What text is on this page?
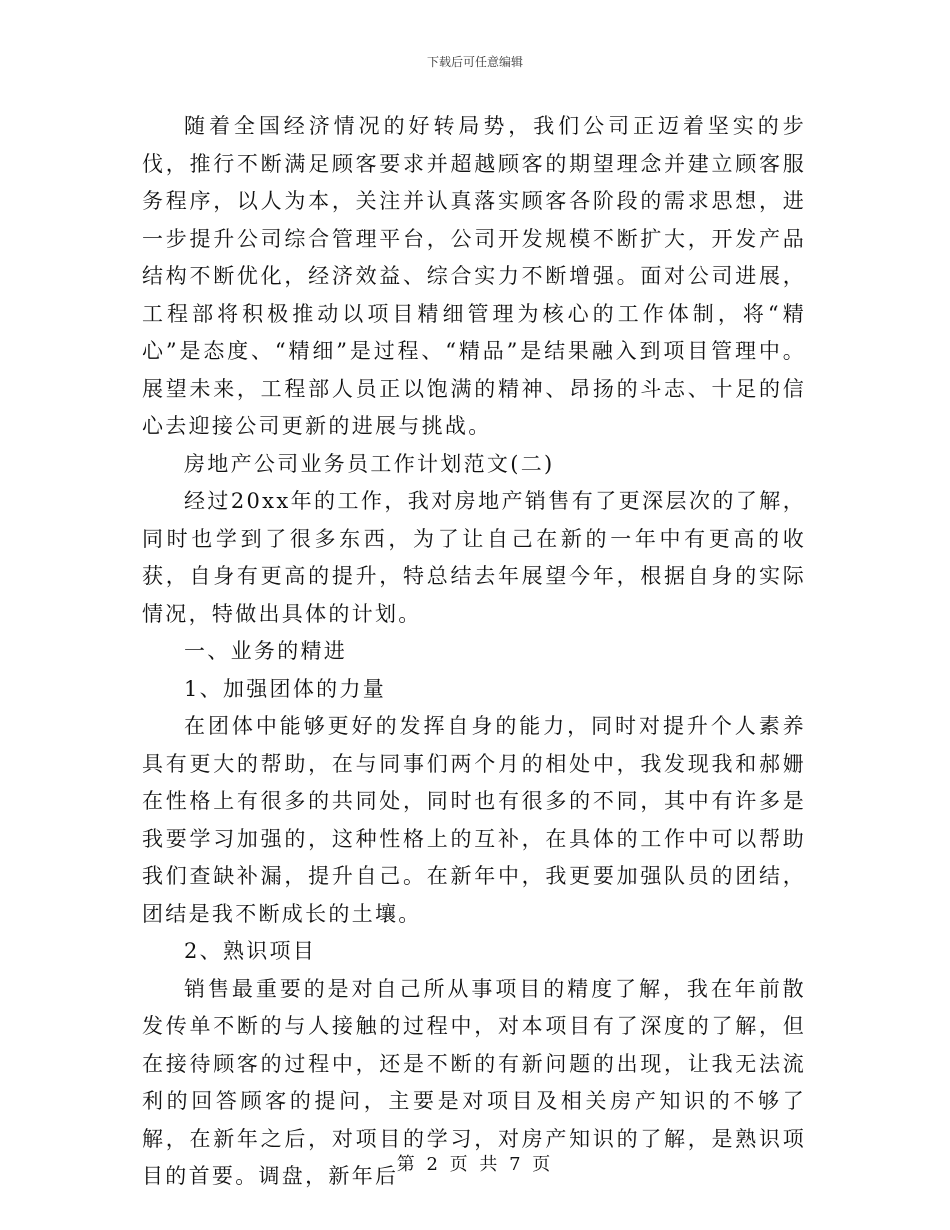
下载后可任意编辑

随着全国经济情况的好转局势，我们公司正迈着坚实的步伐，推行不断满足顾客要求并超越顾客的期望理念并建立顾客服务程序，以人为本，关注并认真落实顾客各阶段的需求思想，进一步提升公司综合管理平台，公司开发规模不断扩大，开发产品结构不断优化，经济效益、综合实力不断增强。面对公司进展，工程部将积极推动以项目精细管理为核心的工作体制，将“精心”是态度、“精细”是过程、“精品”是结果融入到项目管理中。展望未来，工程部人员正以饱满的精神、昂扬的斗志、十足的信心去迎接公司更新的进展与挑战。

房地产公司业务员工作计划范文(二)

经过20xx年的工作，我对房地产销售有了更深层次的了解，同时也学到了很多东西，为了让自己在新的一年中有更高的收获，自身有更高的提升，特总结去年展望今年，根据自身的实际情况，特做出具体的计划。

一、业务的精进

1、加强团体的力量

在团体中能够更好的发挥自身的能力，同时对提升个人素养具有更大的帮助，在与同事们两个月的相处中，我发现我和郝姗在性格上有很多的共同处，同时也有很多的不同，其中有许多是我要学习加强的，这种性格上的互补，在具体的工作中可以帮助我们查缺补漏，提升自己。在新年中，我更要加强队员的团结，团结是我不断成长的土壤。

2、熟识项目

销售最重要的是对自己所从事项目的精度了解，我在年前散发传单不断的与人接触的过程中，对本项目有了深度的了解，但在接待顾客的过程中，还是不断的有新问题的出现，让我无法流利的回答顾客的提问，主要是对项目及相关房产知识的不够了解，在新年之后，对项目的学习，对房产知识的了解，是熟识项目的首要。调盘，新年后

第 2 页 共 7 页
